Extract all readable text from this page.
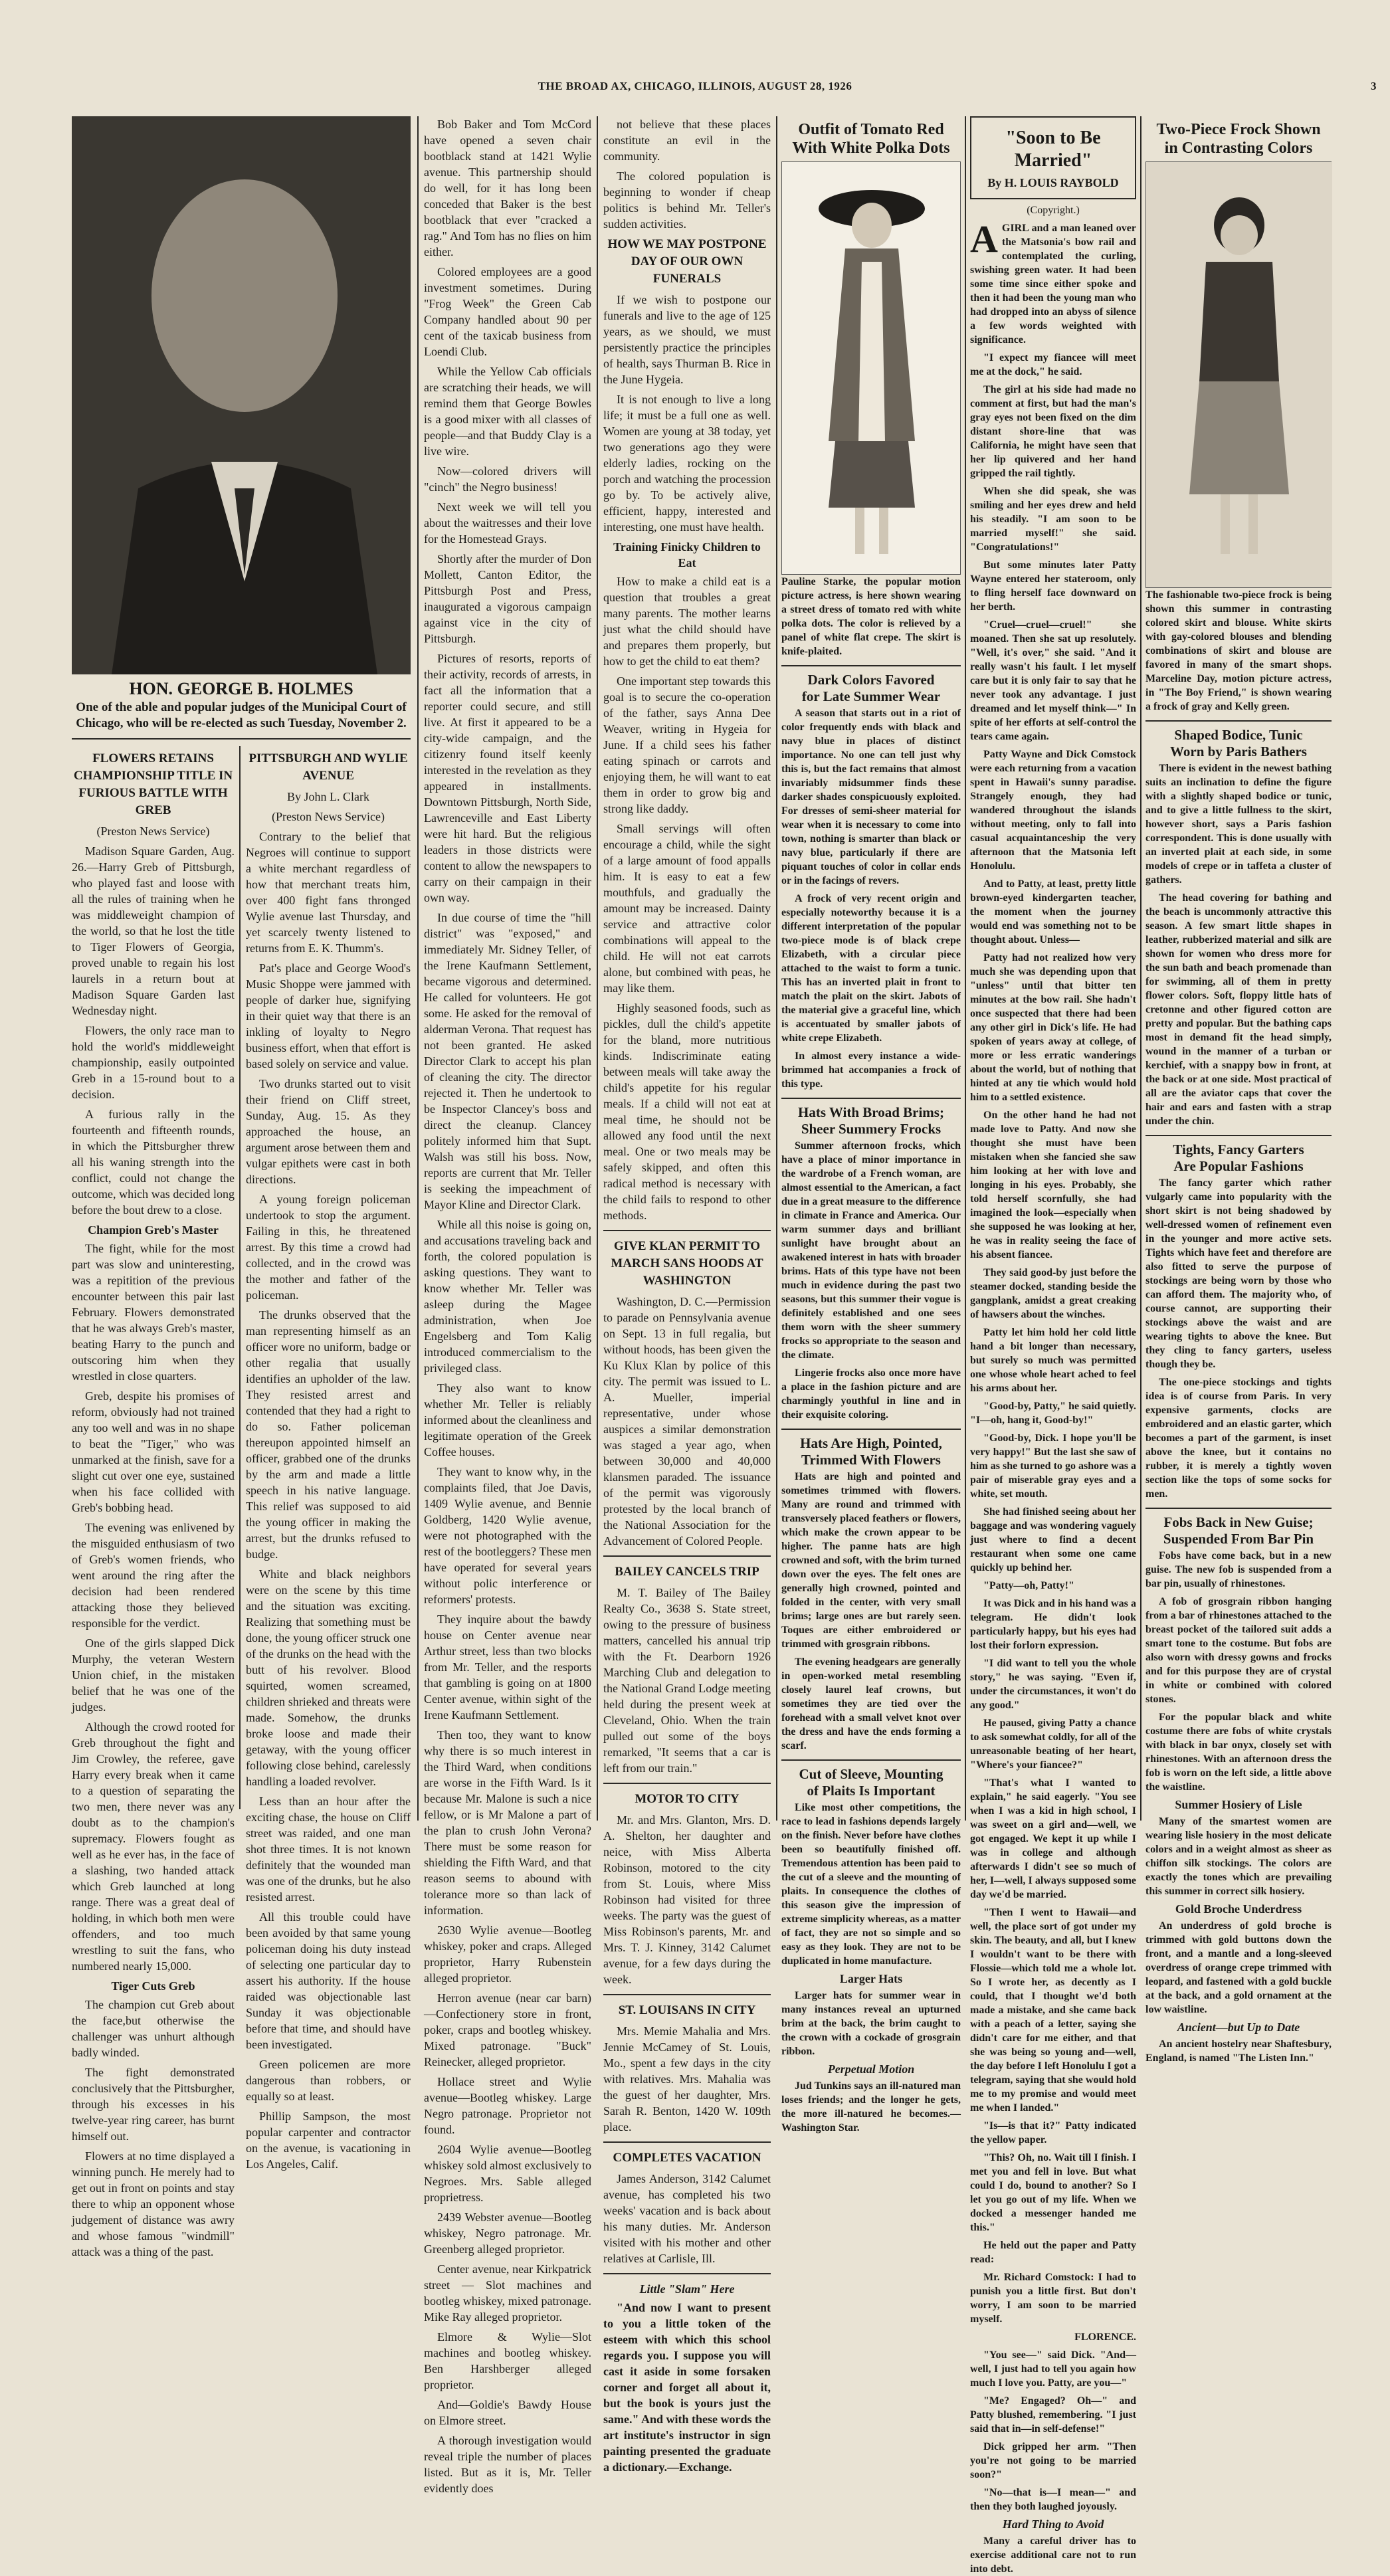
THE BROAD AX, CHICAGO, ILLINOIS, AUGUST 28, 1926	3
HON. GEORGE B. HOLMES
One of the able and popular judges of the Municipal Court of Chicago, who will be re-elected as such Tuesday, November 2.
FLOWERS RETAINS CHAMPIONSHIP TITLE IN FURIOUS BATTLE WITH GREB
(Preston News Service)

Madison Square Garden, Aug. 26.—Harry Greb of Pittsburgh, who played fast and loose with all the rules of training when he was middleweight champion of the world, so that he lost the title to Tiger Flowers of Georgia, proved unable to regain his lost laurels in a return bout at Madison Square Garden last Wednesday night.

Flowers, the only race man to hold the world's middleweight championship, easily outpointed Greb in a 15-round bout to a decision.

A furious rally in the fourteenth and fifteenth rounds, in which the Pittsburgher threw all his waning strength into the conflict, could not change the outcome, which was decided long before the bout drew to a close.

Champion Greb's Master

The fight, while for the most part was slow and uninteresting, was a repitition of the previous encounter between this pair last February. Flowers demonstrated that he was always Greb's master, beating Harry to the punch and outscoring him when they wrestled in close quarters.

Greb, despite his promises of reform, obviously had not trained any too well and was in no shape to beat the "Tiger," who was unmarked at the finish, save for a slight cut over one eye, sustained when his face collided with Greb's bobbing head.

The evening was enlivened by the misguided enthusiasm of two of Greb's women friends, who went around the ring after the decision had been rendered attacking those they believed responsible for the verdict.

One of the girls slapped Dick Murphy, the veteran Western Union chief, in the mistaken belief that he was one of the judges.

Although the crowd rooted for Greb throughout the fight and Jim Crowley, the referee, gave Harry every break when it came to a question of separating the two men, there never was any doubt as to the champion's supremacy. Flowers fought as well as he ever has, in the face of a slashing, two handed attack which Greb launched at long range. There was a great deal of holding, in which both men were offenders, and too much wrestling to suit the fans, who numbered nearly 15,000.

Tiger Cuts Greb

The champion cut Greb about the face,but otherwise the challenger was unhurt although badly winded.

The fight demonstrated conclusively that the Pittsburgher, through his excesses in his twelve-year ring career, has burnt himself out.

Flowers at no time displayed a winning punch. He merely had to get out in front on points and stay there to whip an opponent whose judgement of distance was awry and whose famous "windmill" attack was a thing of the past.

PITTSBURGH AND WYLIE AVENUE
By John L. Clark
(Preston News Service)

Contrary to the belief that Negroes will continue to support a white merchant regardless of how that merchant treats him, over 400 fight fans thronged Wylie avenue last Thursday, and yet scarcely twenty listened to returns from E. K. Thumm's.

Pat's place and George Wood's Music Shoppe were jammed with people of darker hue, signifying in their quiet way that there is an inkling of loyalty to Negro business effort, when that effort is based solely on service and value.

Two drunks started out to visit their friend on Cliff street, Sunday, Aug. 15. As they approached the house, an argument arose between them and vulgar epithets were cast in both directions.

A young foreign policeman undertook to stop the argument. Failing in this, he threatened arrest. By this time a crowd had collected, and in the crowd was the mother and father of the policeman.

The drunks observed that the man representing himself as an officer wore no uniform, badge or other regalia that usually identifies an upholder of the law. They resisted arrest and contended that they had a right to do so. Father policeman thereupon appointed himself an officer, grabbed one of the drunks by the arm and made a little speech in his native language. This relief was supposed to aid the young officer in making the arrest, but the drunks refused to budge.

White and black neighbors were on the scene by this time and the situation was exciting. Realizing that something must be done, the young officer struck one of the drunks on the head with the butt of his revolver. Blood squirted, women screamed, children shrieked and threats were made. Somehow, the drunks broke loose and made their getaway, with the young officer following close behind, carelessly handling a loaded revolver.

Less than an hour after the exciting chase, the house on Cliff street was raided, and one man shot three times. It is not known definitely that the wounded man was one of the drunks, but he also resisted arrest.

All this trouble could have been avoided by that same young policeman doing his duty instead of selecting one particular day to assert his authority. If the house raided was objectionable last Sunday it was objectionable before that time, and should have been investigated.

Green policemen are more dangerous than robbers, or equally so at least.

Phillip Sampson, the most popular carpenter and contractor on the avenue, is vacationing in Los Angeles, Calif.

Bob Baker and Tom McCord have opened a seven chair bootblack stand at 1421 Wylie avenue. This partnership should do well, for it has long been conceded that Baker is the best bootblack that ever "cracked a rag." And Tom has no flies on him either.

Colored employees are a good investment sometimes. During "Frog Week" the Green Cab Company handled about 90 per cent of the taxicab business from Loendi Club.

While the Yellow Cab officials are scratching their heads, we will remind them that George Bowles is a good mixer with all classes of people—and that Buddy Clay is a live wire.

Now—colored drivers will "cinch" the Negro business!

Next week we will tell you about the waitresses and their love for the Homestead Grays.

Shortly after the murder of Don Mollett, Canton Editor, the Pittsburgh Post and Press, inaugurated a vigorous campaign against vice in the city of Pittsburgh.

Pictures of resorts, reports of their activity, records of arrests, in fact all the information that a reporter could secure, and still live. At first it appeared to be a city-wide campaign, and the citizenry found itself keenly interested in the revelation as they appeared in installments. Downtown Pittsburgh, North Side, Lawrenceville and East Liberty were hit hard. But the religious leaders in those districts were content to allow the newspapers to carry on their campaign in their own way.

In due course of time the "hill district" was "exposed," and immediately Mr. Sidney Teller, of the Irene Kaufmann Settlement, became vigorous and determined. He called for volunteers. He got some. He asked for the removal of alderman Verona. That request has not been granted. He asked Director Clark to accept his plan of cleaning the city. The director rejected it. Then he undertook to be Inspector Clancey's boss and direct the cleanup. Clancey politely informed him that Supt. Walsh was still his boss. Now, reports are current that Mr. Teller is seeking the impeachment of Mayor Kline and Director Clark.

While all this noise is going on, and accusations traveling back and forth, the colored population is asking questions. They want to know whether Mr. Teller was asleep during the Magee administration, when Joe Engelsberg and Tom Kalig introduced commercialism to the privileged class.

They also want to know whether Mr. Teller is reliably informed about the cleanliness and legitimate operation of the Greek Coffee houses.

They want to know why, in the complaints filed, that Joe Davis, 1409 Wylie avenue, and Bennie Goldberg, 1420 Wylie avenue, were not photographed with the rest of the bootleggers? These men have operated for several years without polic interference or reformers' protests.

They inquire about the bawdy house on Center avenue near Arthur street, less than two blocks from Mr. Teller, and the resports that gambling is going on at 1800 Center avenue, within sight of the Irene Kaufmann Settlement.

Then too, they want to know why there is so much interest in the Third Ward, when conditions are worse in the Fifth Ward. Is it because Mr. Malone is such a nice fellow, or is Mr Malone a part of the plan to crush John Verona? There must be some reason for shielding the Fifth Ward, and that reason seems to abound with tolerance more so than lack of information.

2630 Wylie avenue—Bootleg whiskey, poker and craps. Alleged proprietor, Harry Rubenstein alleged proprietor.

Herron avenue (near car barn)—Confectionery store in front, poker, craps and bootleg whiskey. Mixed patronage. "Buck" Reinecker, alleged proprietor.

Hollace street and Wylie avenue—Bootleg whiskey. Large Negro patronage. Proprietor not found.

2604 Wylie avenue—Bootleg whiskey sold almost exclusively to Negroes. Mrs. Sable alleged proprietress.

2439 Webster avenue—Bootleg whiskey, Negro patronage. Mr. Greenberg alleged proprietor.

Center avenue, near Kirkpatrick street — Slot machines and bootleg whiskey, mixed patronage. Mike Ray alleged proprietor.

Elmore & Wylie—Slot machines and bootleg whiskey. Ben Harshberger alleged proprietor.

And—Goldie's Bawdy House on Elmore street.

A thorough investigation would reveal triple the number of places listed. But as it is, Mr. Teller evidently does

not believe that these places constitute an evil in the community.

The colored population is beginning to wonder if cheap politics is behind Mr. Teller's sudden activities.

HOW WE MAY POSTPONE DAY OF OUR OWN FUNERALS

If we wish to postpone our funerals and live to the age of 125 years, as we should, we must persistently practice the principles of health, says Thurman B. Rice in the June Hygeia.

It is not enough to live a long life; it must be a full one as well. Women are young at 38 today, yet two generations ago they were elderly ladies, rocking on the porch and watching the procession go by. To be actively alive, efficient, happy, interested and interesting, one must have health.

Training Finicky Children to Eat

How to make a child eat is a question that troubles a great many parents. The mother learns just what the child should have and prepares them properly, but how to get the child to eat them?

One important step towards this goal is to secure the co-operation of the father, says Anna Dee Weaver, writing in Hygeia for June. If a child sees his father eating spinach or carrots and enjoying them, he will want to eat them in order to grow big and strong like daddy.

Small servings will often encourage a child, while the sight of a large amount of food appalls him. It is easy to eat a few mouthfuls, and gradually the amount may be increased. Dainty service and attractive color combinations will appeal to the child. He will not eat carrots alone, but combined with peas, he may like them.

Highly seasoned foods, such as pickles, dull the child's appetite for the bland, more nutritious kinds. Indiscriminate eating between meals will take away the child's appetite for his regular meals. If a child will not eat at meal time, he should not be allowed any food until the next meal. One or two meals may be safely skipped, and often this radical method is necessary with the child fails to respond to other methods.

GIVE KLAN PERMIT TO MARCH SANS HOODS AT WASHINGTON

Washington, D. C.—Permission to parade on Pennsylvania avenue on Sept. 13 in full regalia, but without hoods, has been given the Ku Klux Klan by police of this city. The permit was issued to L. A. Mueller, imperial representative, under whose auspices a similar demonstration was staged a year ago, when between 30,000 and 40,000 klansmen paraded. The issuance of the permit was vigorously protested by the local branch of the National Association for the Advancement of Colored People.

BAILEY CANCELS TRIP

M. T. Bailey of The Bailey Realty Co., 3638 S. State street, owing to the pressure of business matters, cancelled his annual trip with the Ft. Dearborn 1926 Marching Club and delegation to the National Grand Lodge meeting held during the present week at Cleveland, Ohio. When the train pulled out some of the boys remarked, "It seems that a car is left from our train."

MOTOR TO CITY

Mr. and Mrs. Glanton, Mrs. D. A. Shelton, her daughter and neice, with Miss Alberta Robinson, motored to the city from St. Louis, where Miss Robinson had visited for three weeks. The party was the guest of Miss Robinson's parents, Mr. and Mrs. T. J. Kinney, 3142 Calumet avenue, for a few days during the week.

ST. LOUISANS IN CITY

Mrs. Memie Mahalia and Mrs. Jennie McCamey of St. Louis, Mo., spent a few days in the city with relatives. Mrs. Mahalia was the guest of her daughter, Mrs. Sarah R. Benton, 1420 W. 109th place.

COMPLETES VACATION

James Anderson, 3142 Calumet avenue, has completed his two weeks' vacation and is back about his many duties. Mr. Anderson visited with his mother and other relatives at Carlisle, Ill.

Little "Slam" Here

"And now I want to present to you a little token of the esteem with which this school regards you. I suppose you will cast it aside in some forsaken corner and forget all about it, but the book is yours just the same." And with these words the art institute's instructor in sign painting presented the graduate a dictionary.—Exchange.

Outfit of Tomato Red
With White Polka Dots

Pauline Starke, the popular motion picture actress, is here shown wearing a street dress of tomato red with white polka dots. The color is relieved by a panel of white flat crepe. The skirt is knife-plaited.

Dark Colors Favored
for Late Summer Wear

A season that starts out in a riot of color frequently ends with black and navy blue in places of distinct importance. No one can tell just why this is, but the fact remains that almost invariably midsummer finds these darker shades conspicuously exploited. For dresses of semi-sheer material for wear when it is necessary to come into town, nothing is smarter than black or navy blue, particularly if there are piquant touches of color in collar ends or in the facings of revers.

A frock of very recent origin and especially noteworthy because it is a different interpretation of the popular two-piece mode is of black crepe Elizabeth, with a circular piece attached to the waist to form a tunic. This has an inverted plait in front to match the plait on the skirt. Jabots of the material give a graceful line, which is accentuated by smaller jabots of white crepe Elizabeth.

In almost every instance a wide-brimmed hat accompanies a frock of this type.

Hats With Broad Brims;
Sheer Summery Frocks

Summer afternoon frocks, which have a place of minor importance in the wardrobe of a French woman, are almost essential to the American, a fact due in a great measure to the difference in climate in France and America. Our warm summer days and brilliant sunlight have brought about an awakened interest in hats with broader brims. Hats of this type have not been much in evidence during the past two seasons, but this summer their vogue is definitely established and one sees them worn with the sheer summery frocks so appropriate to the season and the climate.

Lingerie frocks also once more have a place in the fashion picture and are charmingly youthful in line and in their exquisite coloring.

Hats Are High, Pointed,
Trimmed With Flowers

Hats are high and pointed and sometimes trimmed with flowers. Many are round and trimmed with transversely placed feathers or flowers, which make the crown appear to be higher. The panne hats are high crowned and soft, with the brim turned down over the eyes. The felt ones are generally high crowned, pointed and folded in the center, with very small brims; large ones are but rarely seen. Toques are either embroidered or trimmed with grosgrain ribbons.

The evening headgears are generally in open-worked metal resembling closely laurel leaf crowns, but sometimes they are tied over the forehead with a small velvet knot over the dress and have the ends forming a scarf.

Cut of Sleeve, Mounting
of Plaits Is Important

Like most other competitions, the race to lead in fashions depends largely on the finish. Never before have clothes been so beautifully finished off. Tremendous attention has been paid to the cut of a sleeve and the mounting of plaits. In consequence the clothes of this season give the impression of extreme simplicity whereas, as a matter of fact, they are not so simple and so easy as they look. They are not to be duplicated in home manufacture.

Larger Hats

Larger hats for summer wear in many instances reveal an upturned brim at the back, the brim caught to the crown with a cockade of grosgrain ribbon.

Perpetual Motion

Jud Tunkins says an ill-natured man loses friends; and the longer he gets, the more ill-natured he becomes.—Washington Star.

"Soon to Be Married"
By H. LOUIS RAYBOLD
(Copyright.)

AGIRL and a man leaned over the Matsonia's bow rail and contemplated the curling, swishing green water. It had been some time since either spoke and then it had been the young man who had dropped into an abyss of silence a few words weighted with significance.

"I expect my fiancee will meet me at the dock," he said.

The girl at his side had made no comment at first, but had the man's gray eyes not been fixed on the dim distant shore-line that was California, he might have seen that her lip quivered and her hand gripped the rail tightly.

When she did speak, she was smiling and her eyes drew and held his steadily. "I am soon to be married myself!" she said. "Congratulations!"

But some minutes later Patty Wayne entered her stateroom, only to fling herself face downward on her berth.

"Cruel—cruel—cruel!" she moaned. Then she sat up resolutely. "Well, it's over," she said. "And it really wasn't his fault. I let myself care but it is only fair to say that he never took any advantage. I just dreamed and let myself think—" In spite of her efforts at self-control the tears came again.

Patty Wayne and Dick Comstock were each returning from a vacation spent in Hawaii's sunny paradise. Strangely enough, they had wandered throughout the islands without meeting, only to fall into casual acquaintanceship the very afternoon that the Matsonia left Honolulu.

And to Patty, at least, pretty little brown-eyed kindergarten teacher, the moment when the journey would end was something not to be thought about. Unless—

Patty had not realized how very much she was depending upon that "unless" until that bitter ten minutes at the bow rail. She hadn't once suspected that there had been any other girl in Dick's life. He had spoken of years away at college, of more or less erratic wanderings about the world, but of nothing that hinted at any tie which would hold him to a settled existence.

On the other hand he had not made love to Patty. And now she thought she must have been mistaken when she fancied she saw him looking at her with love and longing in his eyes. Probably, she told herself scornfully, she had imagined the look—especially when she supposed he was looking at her, he was in reality seeing the face of his absent fiancee.

They said good-by just before the steamer docked, standing beside the gangplank, amidst a great creaking of hawsers about the winches.

Patty let him hold her cold little hand a bit longer than necessary, but surely so much was permitted one whose whole heart ached to feel his arms about her.

"Good-by, Patty," he said quietly. "I—oh, hang it, Good-by!"

"Good-by, Dick. I hope you'll be very happy!" But the last she saw of him as she turned to go ashore was a pair of miserable gray eyes and a white, set mouth.

She had finished seeing about her baggage and was wondering vaguely just where to find a decent restaurant when some one came quickly up behind her.

"Patty—oh, Patty!"

It was Dick and in his hand was a telegram. He didn't look particularly happy, but his eyes had lost their forlorn expression.

"I did want to tell you the whole story," he was saying. "Even if, under the circumstances, it won't do any good."

He paused, giving Patty a chance to ask somewhat coldly, for all of the unreasonable beating of her heart, "Where's your fiancee?"

"That's what I wanted to explain," he said eagerly. "You see when I was a kid in high school, I was sweet on a girl and—well, we got engaged. We kept it up while I was in college and although afterwards I didn't see so much of her, I—well, I always supposed some day we'd be married.

"Then I went to Hawaii—and well, the place sort of got under my skin. The beauty, and all, but I knew I wouldn't want to be there with Flossie—which told me a whole lot. So I wrote her, as decently as I could, that I thought we'd both made a mistake, and she came back with a peach of a letter, saying she didn't care for me either, and that she was being so young and—well, the day before I left Honolulu I got a telegram, saying that she would hold me to my promise and would meet me when I landed."

"Is—is that it?" Patty indicated the yellow paper.

"This? Oh, no. Wait till I finish. I met you and fell in love. But what could I do, bound to another? So I let you go out of my life. When we docked a messenger handed me this."

He held out the paper and Patty read:

Mr. Richard Comstock: I had to punish you a little first. But don't worry, I am soon to be married myself.

FLORENCE.

"You see—" said Dick. "And—well, I just had to tell you again how much I love you. Patty, are you—"

"Me? Engaged? Oh—" and Patty blushed, remembering. "I just said that in—in self-defense!"

Dick gripped her arm. "Then you're not going to be married soon?"

"No—that is—I mean—" and then they both laughed joyously.

Hard Thing to Avoid

Many a careful driver has to exercise additional care not to run into debt.

Two-Piece Frock Shown
in Contrasting Colors

The fashionable two-piece frock is being shown this summer in contrasting colored skirt and blouse. White skirts with gay-colored blouses and blending combinations of skirt and blouse are favored in many of the smart shops. Marceline Day, motion picture actress, in "The Boy Friend," is shown wearing a frock of gray and Kelly green.

Shaped Bodice, Tunic
Worn by Paris Bathers

There is evident in the newest bathing suits an inclination to define the figure with a slightly shaped bodice or tunic, and to give a little fullness to the skirt, however short, says a Paris fashion correspondent. This is done usually with an inverted plait at each side, in some models of crepe or in taffeta a cluster of gathers.

The head covering for bathing and the beach is uncommonly attractive this season. A few smart little shapes in leather, rubberized material and silk are shown for women who dress more for the sun bath and beach promenade than for swimming, all of them in pretty flower colors. Soft, floppy little hats of cretonne and other figured cotton are pretty and popular. But the bathing caps most in demand fit the head simply, wound in the manner of a turban or kerchief, with a snappy bow in front, at the back or at one side. Most practical of all are the aviator caps that cover the hair and ears and fasten with a strap under the chin.

Tights, Fancy Garters
Are Popular Fashions

The fancy garter which rather vulgarly came into popularity with the short skirt is not being shadowed by well-dressed women of refinement even in the younger and more active sets. Tights which have feet and therefore are also fitted to serve the purpose of stockings are being worn by those who can afford them. The majority who, of course cannot, are supporting their stockings above the waist and are wearing tights to above the knee. But they cling to fancy garters, useless though they be.

The one-piece stockings and tights idea is of course from Paris. In very expensive garments, clocks are embroidered and an elastic garter, which becomes a part of the garment, is inset above the knee, but it contains no rubber, it is merely a tightly woven section like the tops of some socks for men.

Fobs Back in New Guise;
Suspended From Bar Pin

Fobs have come back, but in a new guise. The new fob is suspended from a bar pin, usually of rhinestones.

A fob of grosgrain ribbon hanging from a bar of rhinestones attached to the breast pocket of the tailored suit adds a smart tone to the costume. But fobs are also worn with dressy gowns and frocks and for this purpose they are of crystal in white or combined with colored stones.

For the popular black and white costume there are fobs of white crystals with black in bar onyx, closely set with rhinestones. With an afternoon dress the fob is worn on the left side, a little above the waistline.

Summer Hosiery of Lisle

Many of the smartest women are wearing lisle hosiery in the most delicate colors and in a weight almost as sheer as chiffon silk stockings. The colors are exactly the tones which are prevailing this summer in correct silk hosiery.

Gold Broche Underdress

An underdress of gold broche is trimmed with gold buttons down the front, and a mantle and a long-sleeved overdress of orange crepe trimmed with leopard, and fastened with a gold buckle at the back, and a gold ornament at the low waistline.

Ancient—but Up to Date

An ancient hostelry near Shaftesbury, England, is named "The Listen Inn."
